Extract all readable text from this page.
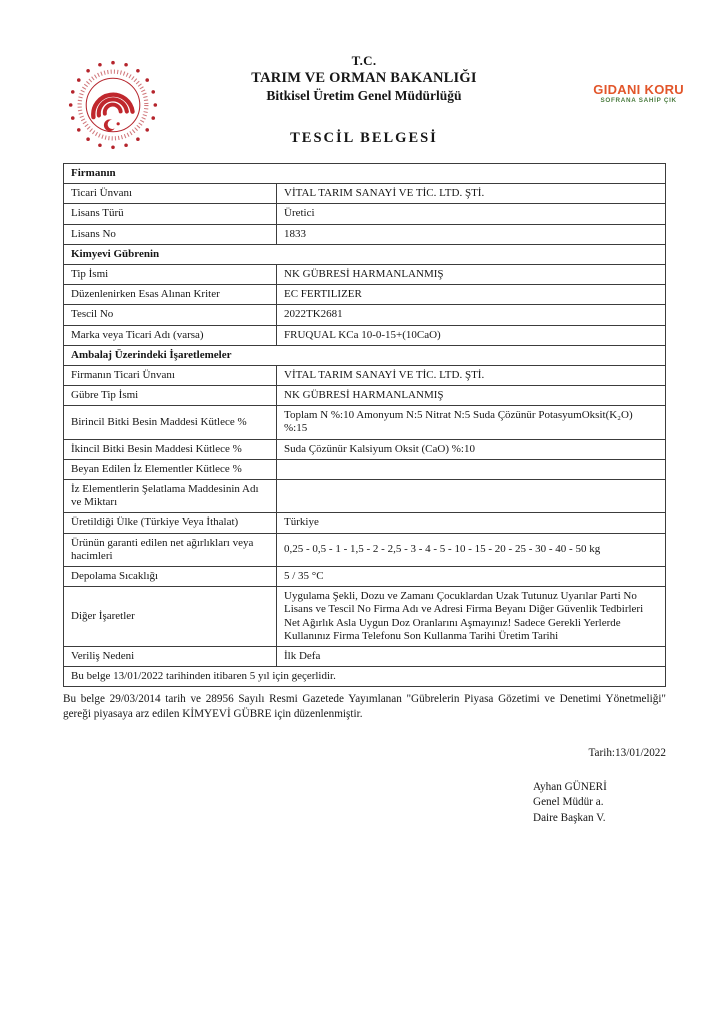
T.C.
TARIM VE ORMAN BAKANLIĞI
Bitkisel Üretim Genel Müdürlüğü
TESCİL BELGESİ
GIDANI KORU
SOFRANA SAHİP ÇIK
Firmanın	
Ticari Ünvanı	VİTAL TARIM SANAYİ VE TİC. LTD. ŞTİ.
Lisans Türü	Üretici
Lisans No	1833
Kimyevi Gübrenin	
Tip İsmi	NK GÜBRESİ HARMANLANMIŞ
Düzenlenirken Esas Alınan Kriter	EC FERTILIZER
Tescil No	2022TK2681
Marka veya Ticari Adı (varsa)	FRUQUAL KCa 10-0-15+(10CaO)
Ambalaj Üzerindeki İşaretlemeler	
Firmanın Ticari Ünvanı	VİTAL TARIM SANAYİ VE TİC. LTD. ŞTİ.
Gübre Tip İsmi	NK GÜBRESİ HARMANLANMIŞ
Birincil Bitki Besin Maddesi Kütlece %	Toplam N %:10 Amonyum N:5 Nitrat N:5 Suda Çözünür PotasyumOksit(K₂O) %:15
İkincil Bitki Besin Maddesi Kütlece %	Suda Çözünür Kalsiyum Oksit (CaO) %:10
Beyan Edilen İz Elementler Kütlece %	
İz Elementlerin Şelatlama Maddesinin Adı ve Miktarı	
Üretildiği Ülke (Türkiye Veya İthalat)	Türkiye
Ürünün garanti edilen net ağırlıkları veya hacimleri	0,25 - 0,5 - 1 - 1,5 - 2 - 2,5 - 3 - 4 - 5 - 10 - 15 - 20 - 25 - 30 - 40 - 50 kg
Depolama Sıcaklığı	5 / 35 °C
Diğer İşaretler	Uygulama Şekli, Dozu ve Zamanı Çocuklardan Uzak Tutunuz Uyarılar Parti No Lisans ve Tescil No Firma Adı ve Adresi Firma Beyanı Diğer Güvenlik Tedbirleri Net Ağırlık Asla Uygun Doz Oranlarını Aşmayınız! Sadece Gerekli Yerlerde Kullanınız Firma Telefonu Son Kullanma Tarihi Üretim Tarihi
Veriliş Nedeni	İlk Defa
Bu belge 13/01/2022 tarihinden itibaren 5 yıl için geçerlidir.	
Bu belge 29/03/2014 tarih ve 28956 Sayılı Resmi Gazetede Yayımlanan "Gübrelerin Piyasa Gözetimi ve Denetimi Yönetmeliği" gereği piyasaya arz edilen KİMYEVİ GÜBRE için düzenlenmiştir.
Tarih:13/01/2022
Ayhan GÜNERİ
Genel Müdür a.
Daire Başkan V.
